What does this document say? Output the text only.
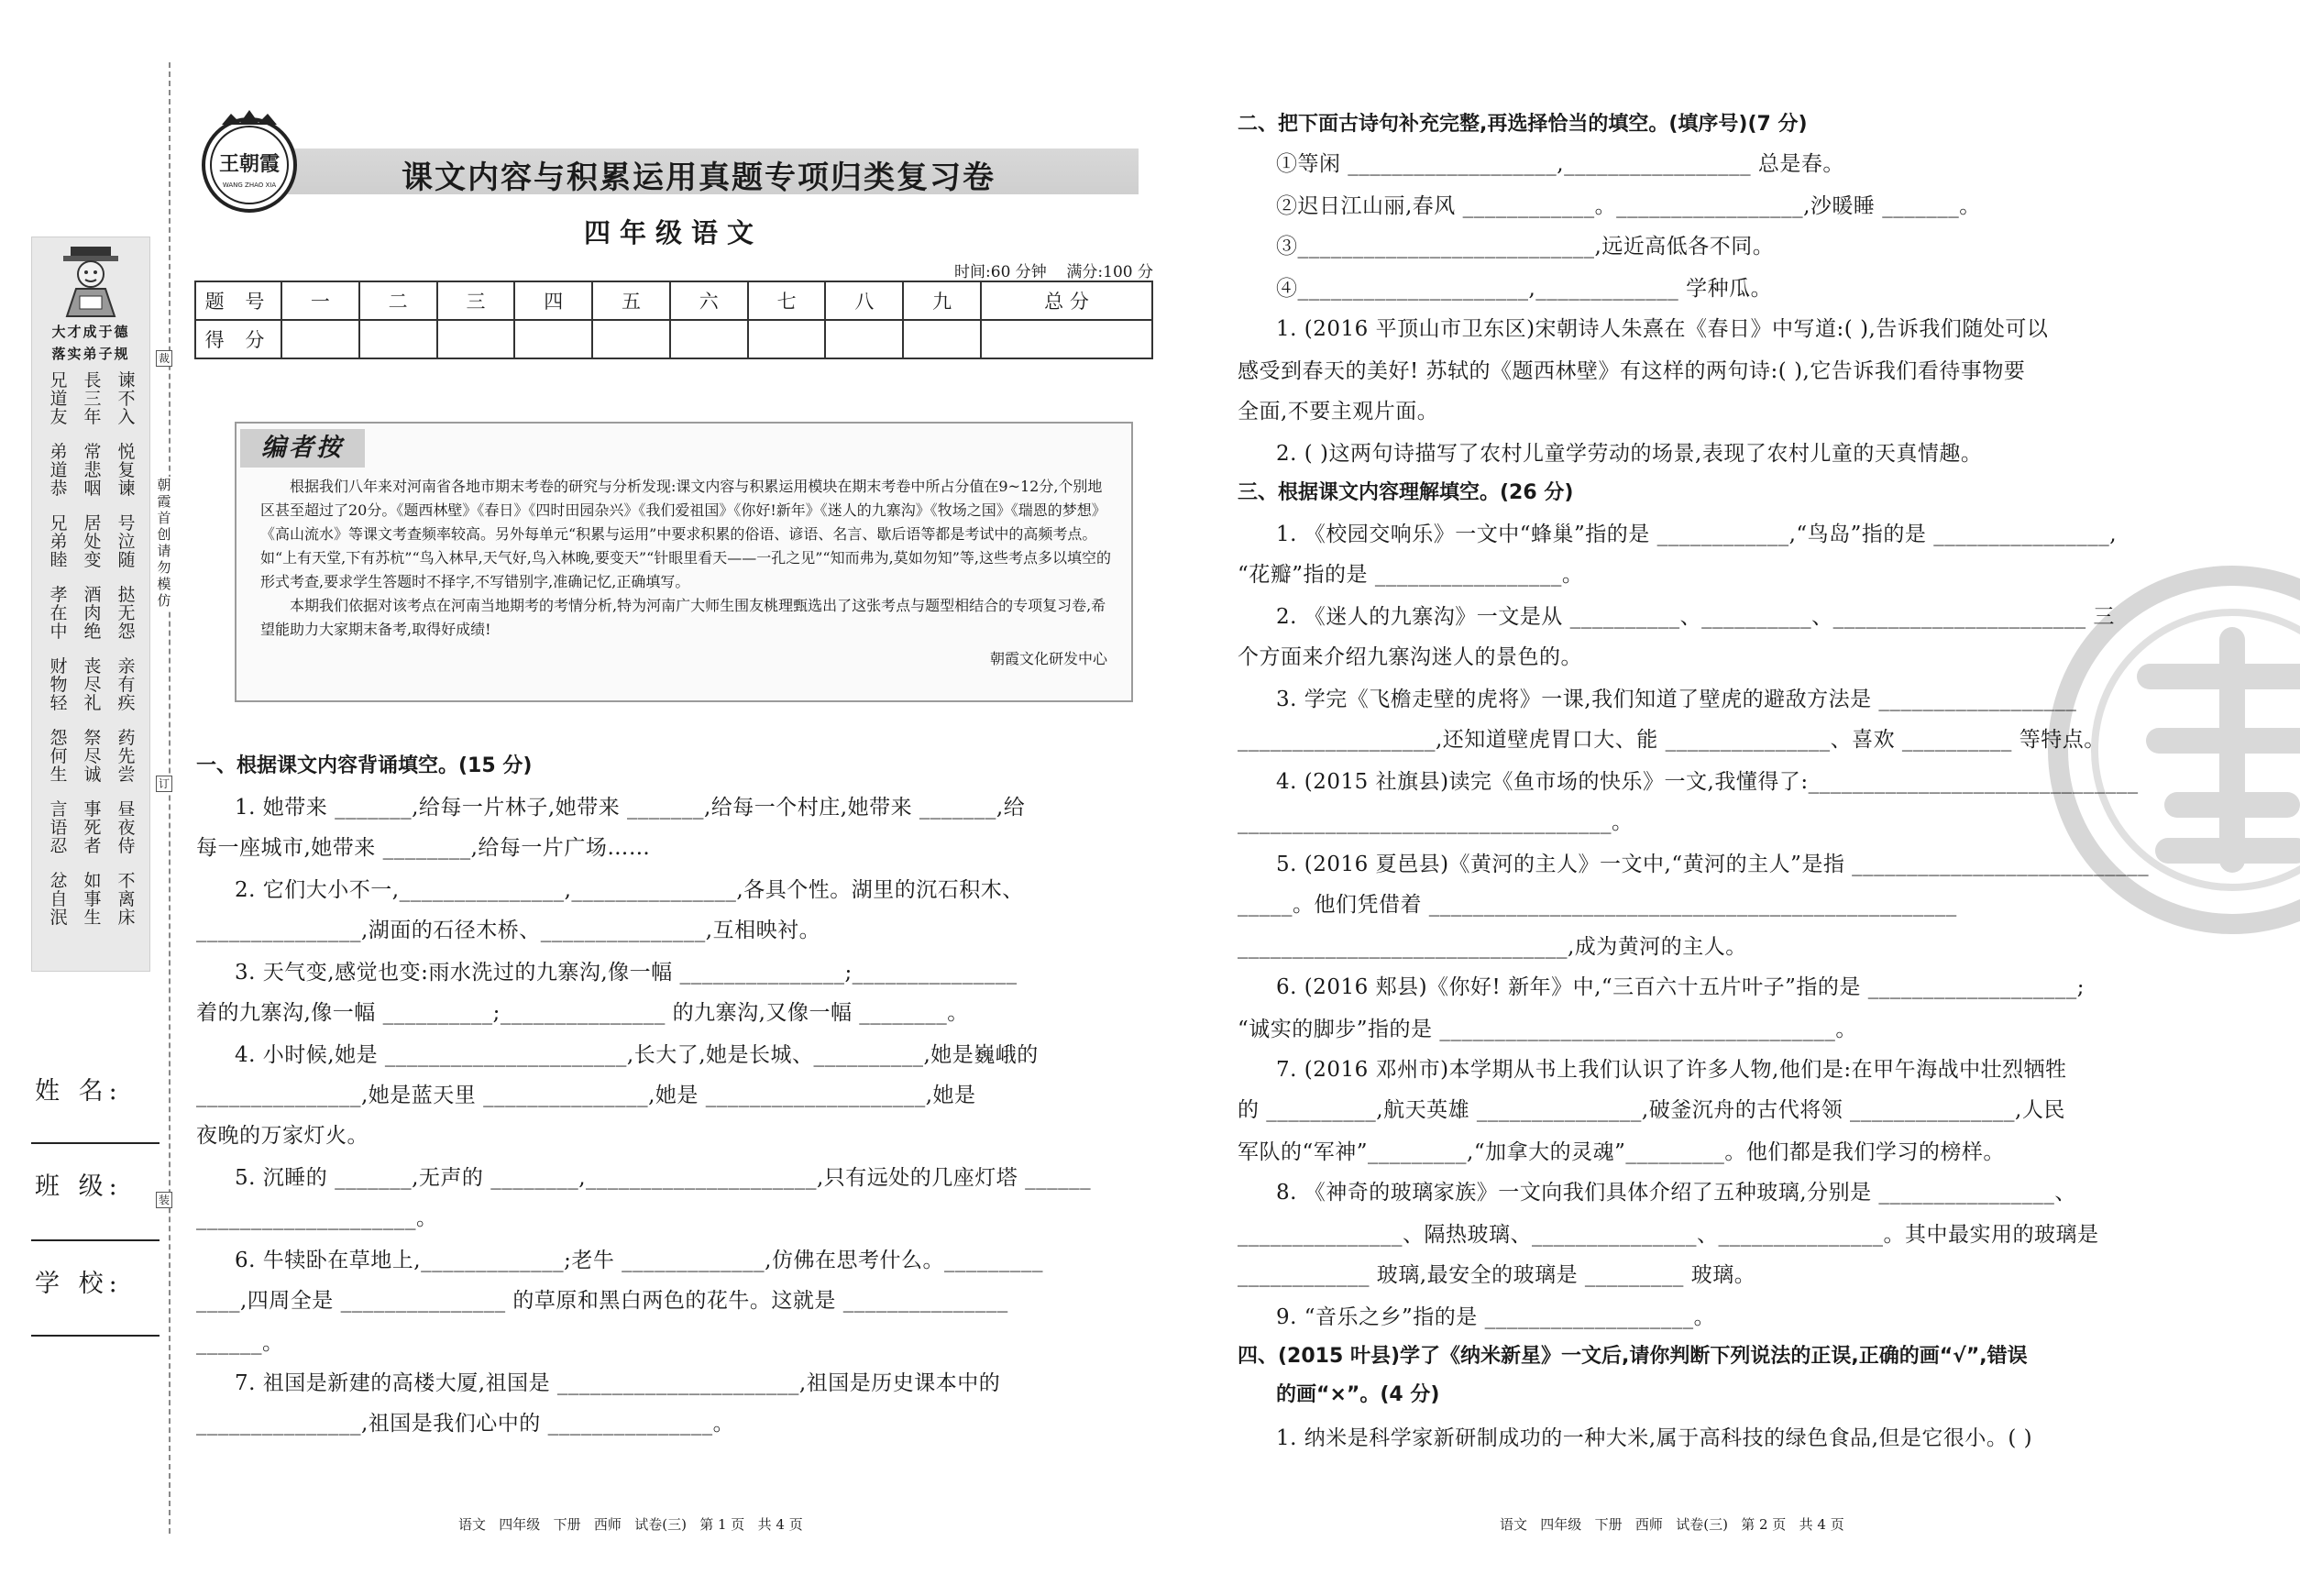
大才成于德
落实弟子规
兄道友
長三年
谏不入
弟道恭
常悲咽
悦复谏
兄弟睦
居处变
号泣随
孝在中
酒肉绝
挞无怨
财物轻
丧尽礼
亲有疾
怨何生
祭尽诚
药先尝
言语忍
事死者
昼夜侍
忿自泯
如事生
不离床
裁
朝霞首创 请勿模仿
订
装
姓 名:
班 级:
学 校:
王朝霞
WANG ZHAO XIA	课文内容与积累运用真题专项归类复习卷
四年级语文
时间:60 分钟    满分:100 分
题 号	一	二	三	四	五	六	七	八	九	总 分
得 分										

根据我们八年来对河南省各地市期末考卷的研究与分析发现:课文内容与积累运用模块在期末考卷中所占分值在9~12分,个别地区甚至超过了20分。《题西林壁》《春日》《四时田园杂兴》《我们爱祖国》《你好!新年》《迷人的九寨沟》《牧场之国》《瑞恩的梦想》《高山流水》等课文考查频率较高。另外每单元“积累与运用”中要求积累的俗语、谚语、名言、歇后语等都是考试中的高频考点。如“上有天堂,下有苏杭”“鸟入林早,天气好,鸟入林晚,要变天”“针眼里看天——一孔之见”“知而弗为,莫如勿知”等,这些考点多以填空的形式考查,要求学生答题时不择字,不写错别字,准确记忆,正确填写。

本期我们依据对该考点在河南当地期考的考情分析,特为河南广大师生围友桃理甄选出了这张考点与题型相结合的专项复习卷,希望能助力大家期末备考,取得好成绩!

朝霞文化研发中心
编者按
一、根据课文内容背诵填空。(15 分)
1. 她带来 _______,给每一片林子,她带来 _______,给每一个村庄,她带来 _______,给
每一座城市,她带来 ________,给每一片广场……
2. 它们大小不一,_______________,_______________,各具个性。湖里的沉石积木、
_______________,湖面的石径木桥、_______________,互相映衬。
3. 天气变,感觉也变:雨水洗过的九寨沟,像一幅 _______________;_______________
着的九寨沟,像一幅 __________;_______________ 的九寨沟,又像一幅 ________。
4. 小时候,她是 ______________________,长大了,她是长城、__________,她是巍峨的
_______________,她是蓝天里 _______________,她是 ____________________,她是
夜晚的万家灯火。
5. 沉睡的 _______,无声的 ________,_____________________,只有远处的几座灯塔 ______
____________________。
6. 牛犊卧在草地上,_____________;老牛 _____________,仿佛在思考什么。_________
____,四周全是 _______________ 的草原和黑白两色的花牛。这就是 _______________
______。
7. 祖国是新建的高楼大厦,祖国是 ______________________,祖国是历史课本中的
_______________,祖国是我们心中的 _______________。
语文   四年级   下册   西师   试卷(三)   第 1 页   共 4 页
二、把下面古诗句补充完整,再选择恰当的填空。(填序号)(7 分)
①等闲 ___________________,_________________ 总是春。
②迟日江山丽,春风 ____________。_________________,沙暖睡 _______。
③___________________________,远近高低各不同。
④_____________________,_____________ 学种瓜。
1. (2016 平顶山市卫东区)宋朝诗人朱熹在《春日》中写道:( ),告诉我们随处可以
感受到春天的美好! 苏轼的《题西林壁》有这样的两句诗:( ),它告诉我们看待事物要
全面,不要主观片面。
2. ( )这两句诗描写了农村儿童学劳动的场景,表现了农村儿童的天真情趣。
三、根据课文内容理解填空。(26 分)
1. 《校园交响乐》一文中“蜂巢”指的是 ____________,“鸟岛”指的是 ________________,
“花瓣”指的是 _________________。
2. 《迷人的九寨沟》一文是从 __________、__________、_______________________ 三
个方面来介绍九寨沟迷人的景色的。
3. 学完《飞檐走壁的虎将》一课,我们知道了壁虎的避敌方法是 __________________
__________________,还知道壁虎胃口大、能 _______________、喜欢 __________ 等特点。
4. (2015 社旗县)读完《鱼市场的快乐》一文,我懂得了:______________________________
__________________________________。
5. (2016 夏邑县)《黄河的主人》一文中,“黄河的主人”是指 ___________________________
_____。他们凭借着 ________________________________________________
______________________________,成为黄河的主人。
6. (2016 郏县)《你好! 新年》中,“三百六十五片叶子”指的是 ___________________;
“诚实的脚步”指的是 ____________________________________。
7. (2016 邓州市)本学期从书上我们认识了许多人物,他们是:在甲午海战中壮烈牺牲
的 __________,航天英雄 _______________,破釜沉舟的古代将领 _______________,人民
军队的“军神”_________,“加拿大的灵魂”_________。他们都是我们学习的榜样。
8. 《神奇的玻璃家族》一文向我们具体介绍了五种玻璃,分别是 ________________、
_______________、隔热玻璃、_______________、_______________。其中最实用的玻璃是
____________ 玻璃,最安全的玻璃是 _________ 玻璃。
9. “音乐之乡”指的是 ___________________。
四、(2015 叶县)学了《纳米新星》一文后,请你判断下列说法的正误,正确的画“√”,错误
的画“×”。(4 分)
1. 纳米是科学家新研制成功的一种大米,属于高科技的绿色食品,但是它很小。( )
语文   四年级   下册   西师   试卷(三)   第 2 页   共 4 页
